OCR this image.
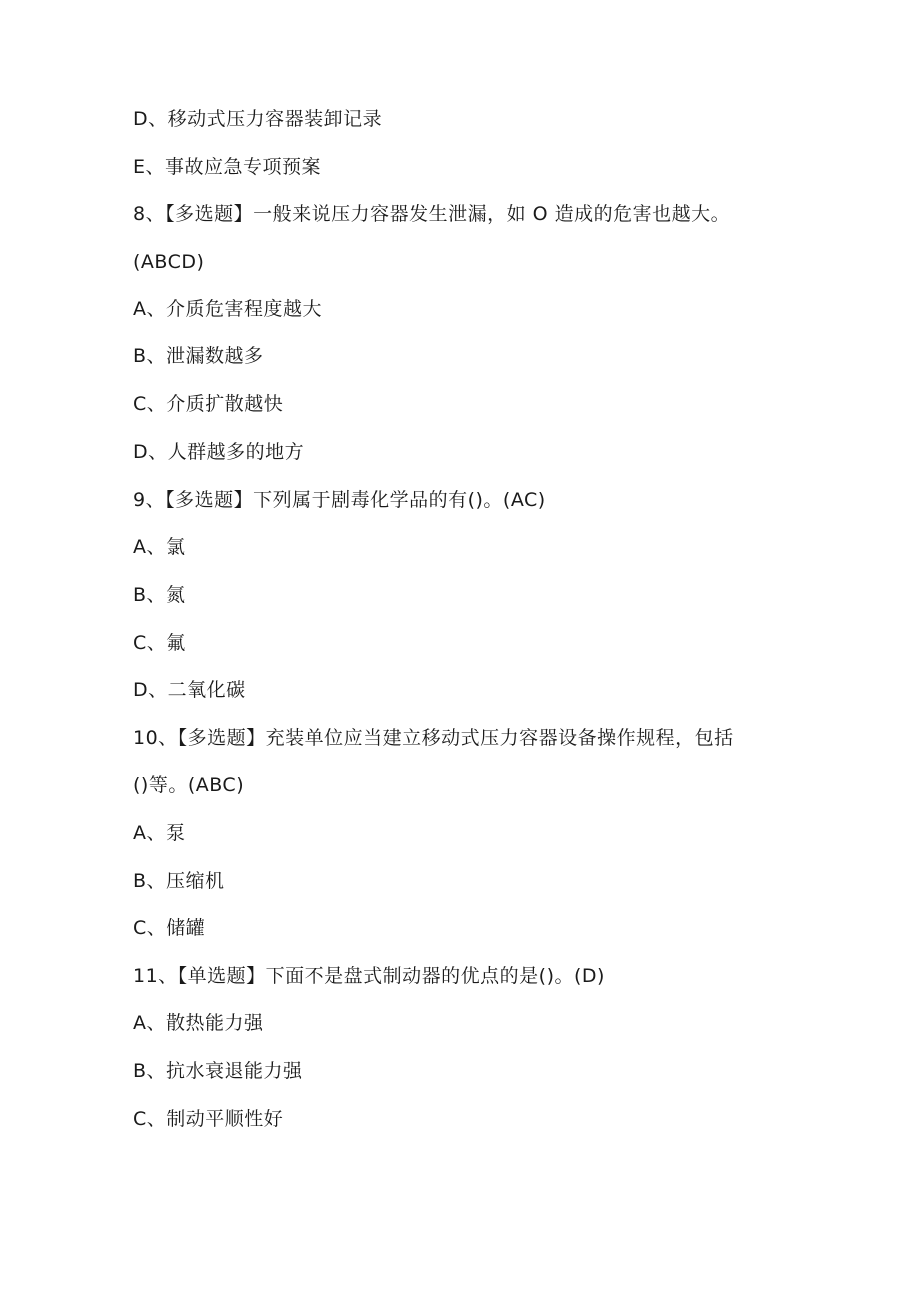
D、移动式压力容器装卸记录
E、事故应急专项预案
8、【多选题】一般来说压力容器发生泄漏，如 O 造成的危害也越大。
(ABCD)
A、介质危害程度越大
B、泄漏数越多
C、介质扩散越快
D、人群越多的地方
9、【多选题】下列属于剧毒化学品的有()。(AC)
A、氯
B、氮
C、氟
D、二氧化碳
10、【多选题】充装单位应当建立移动式压力容器设备操作规程，包括
()等。(ABC)
A、泵
B、压缩机
C、储罐
11、【单选题】下面不是盘式制动器的优点的是()。(D)
A、散热能力强
B、抗水衰退能力强
C、制动平顺性好
